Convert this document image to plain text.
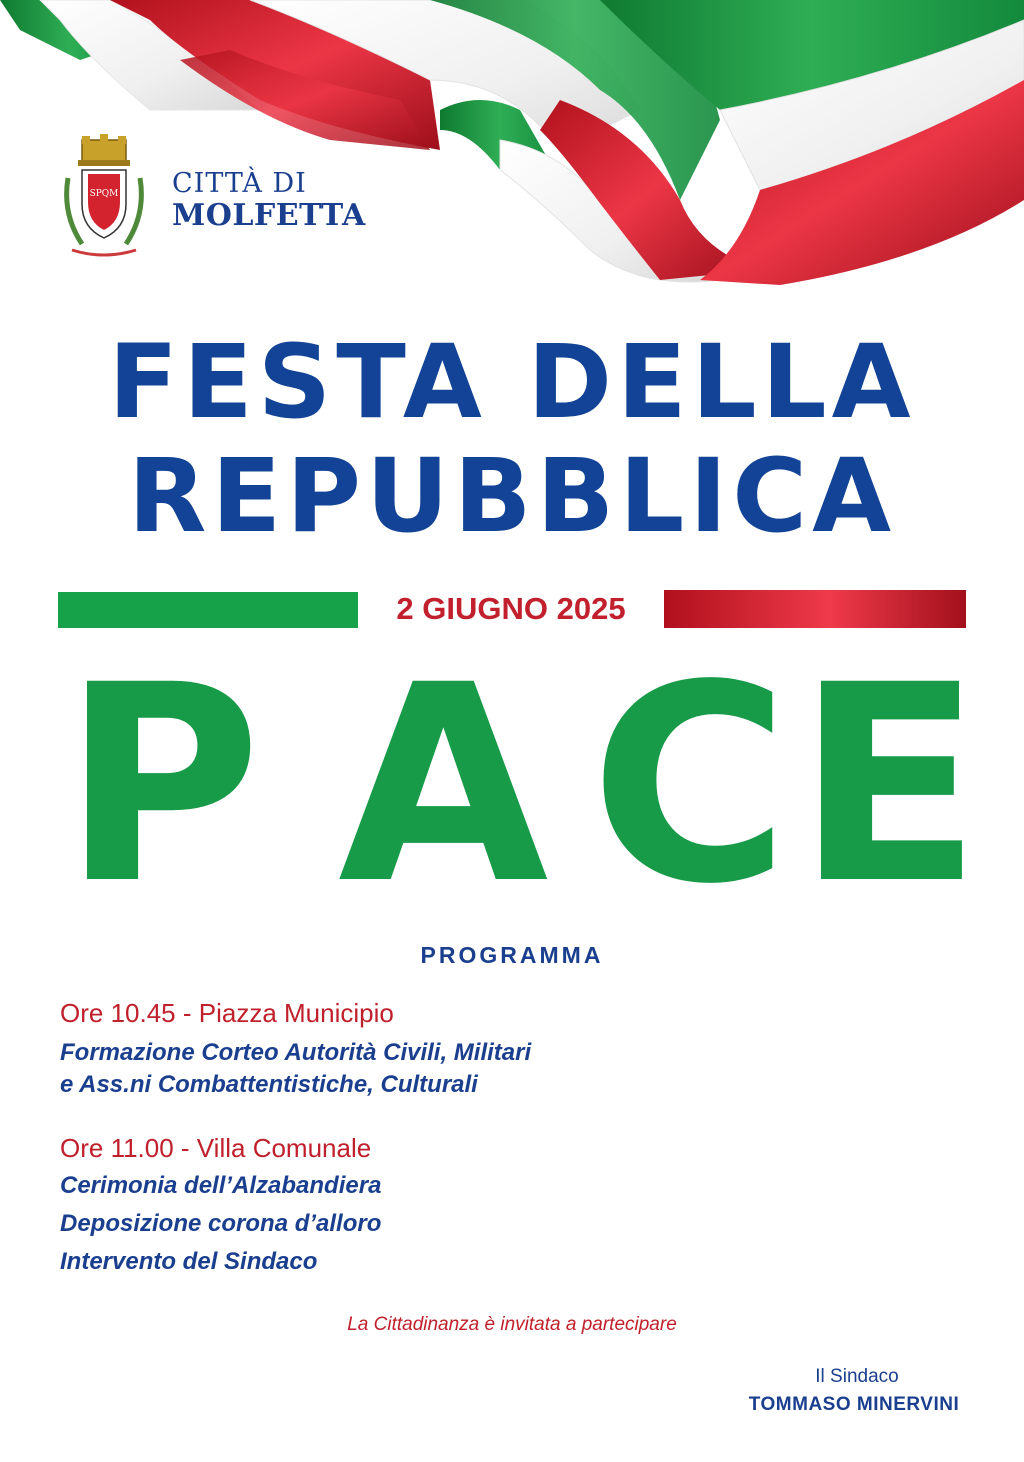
SPQM CITTÀ DI
MOLFETTA
FESTA DELLA
REPUBBLICA
2 GIUGNO 2025
P A C E
PROGRAMMA
Ore 10.45 - Piazza Municipio
Formazione Corteo Autorità Civili, Militari
e Ass.ni Combattentistiche, Culturali
Ore 11.00 - Villa Comunale
Cerimonia dell’Alzabandiera
Deposizione corona d’alloro
Intervento del Sindaco
La Cittadinanza è invitata a partecipare
Il Sindaco
TOMMASO MINERVINI
